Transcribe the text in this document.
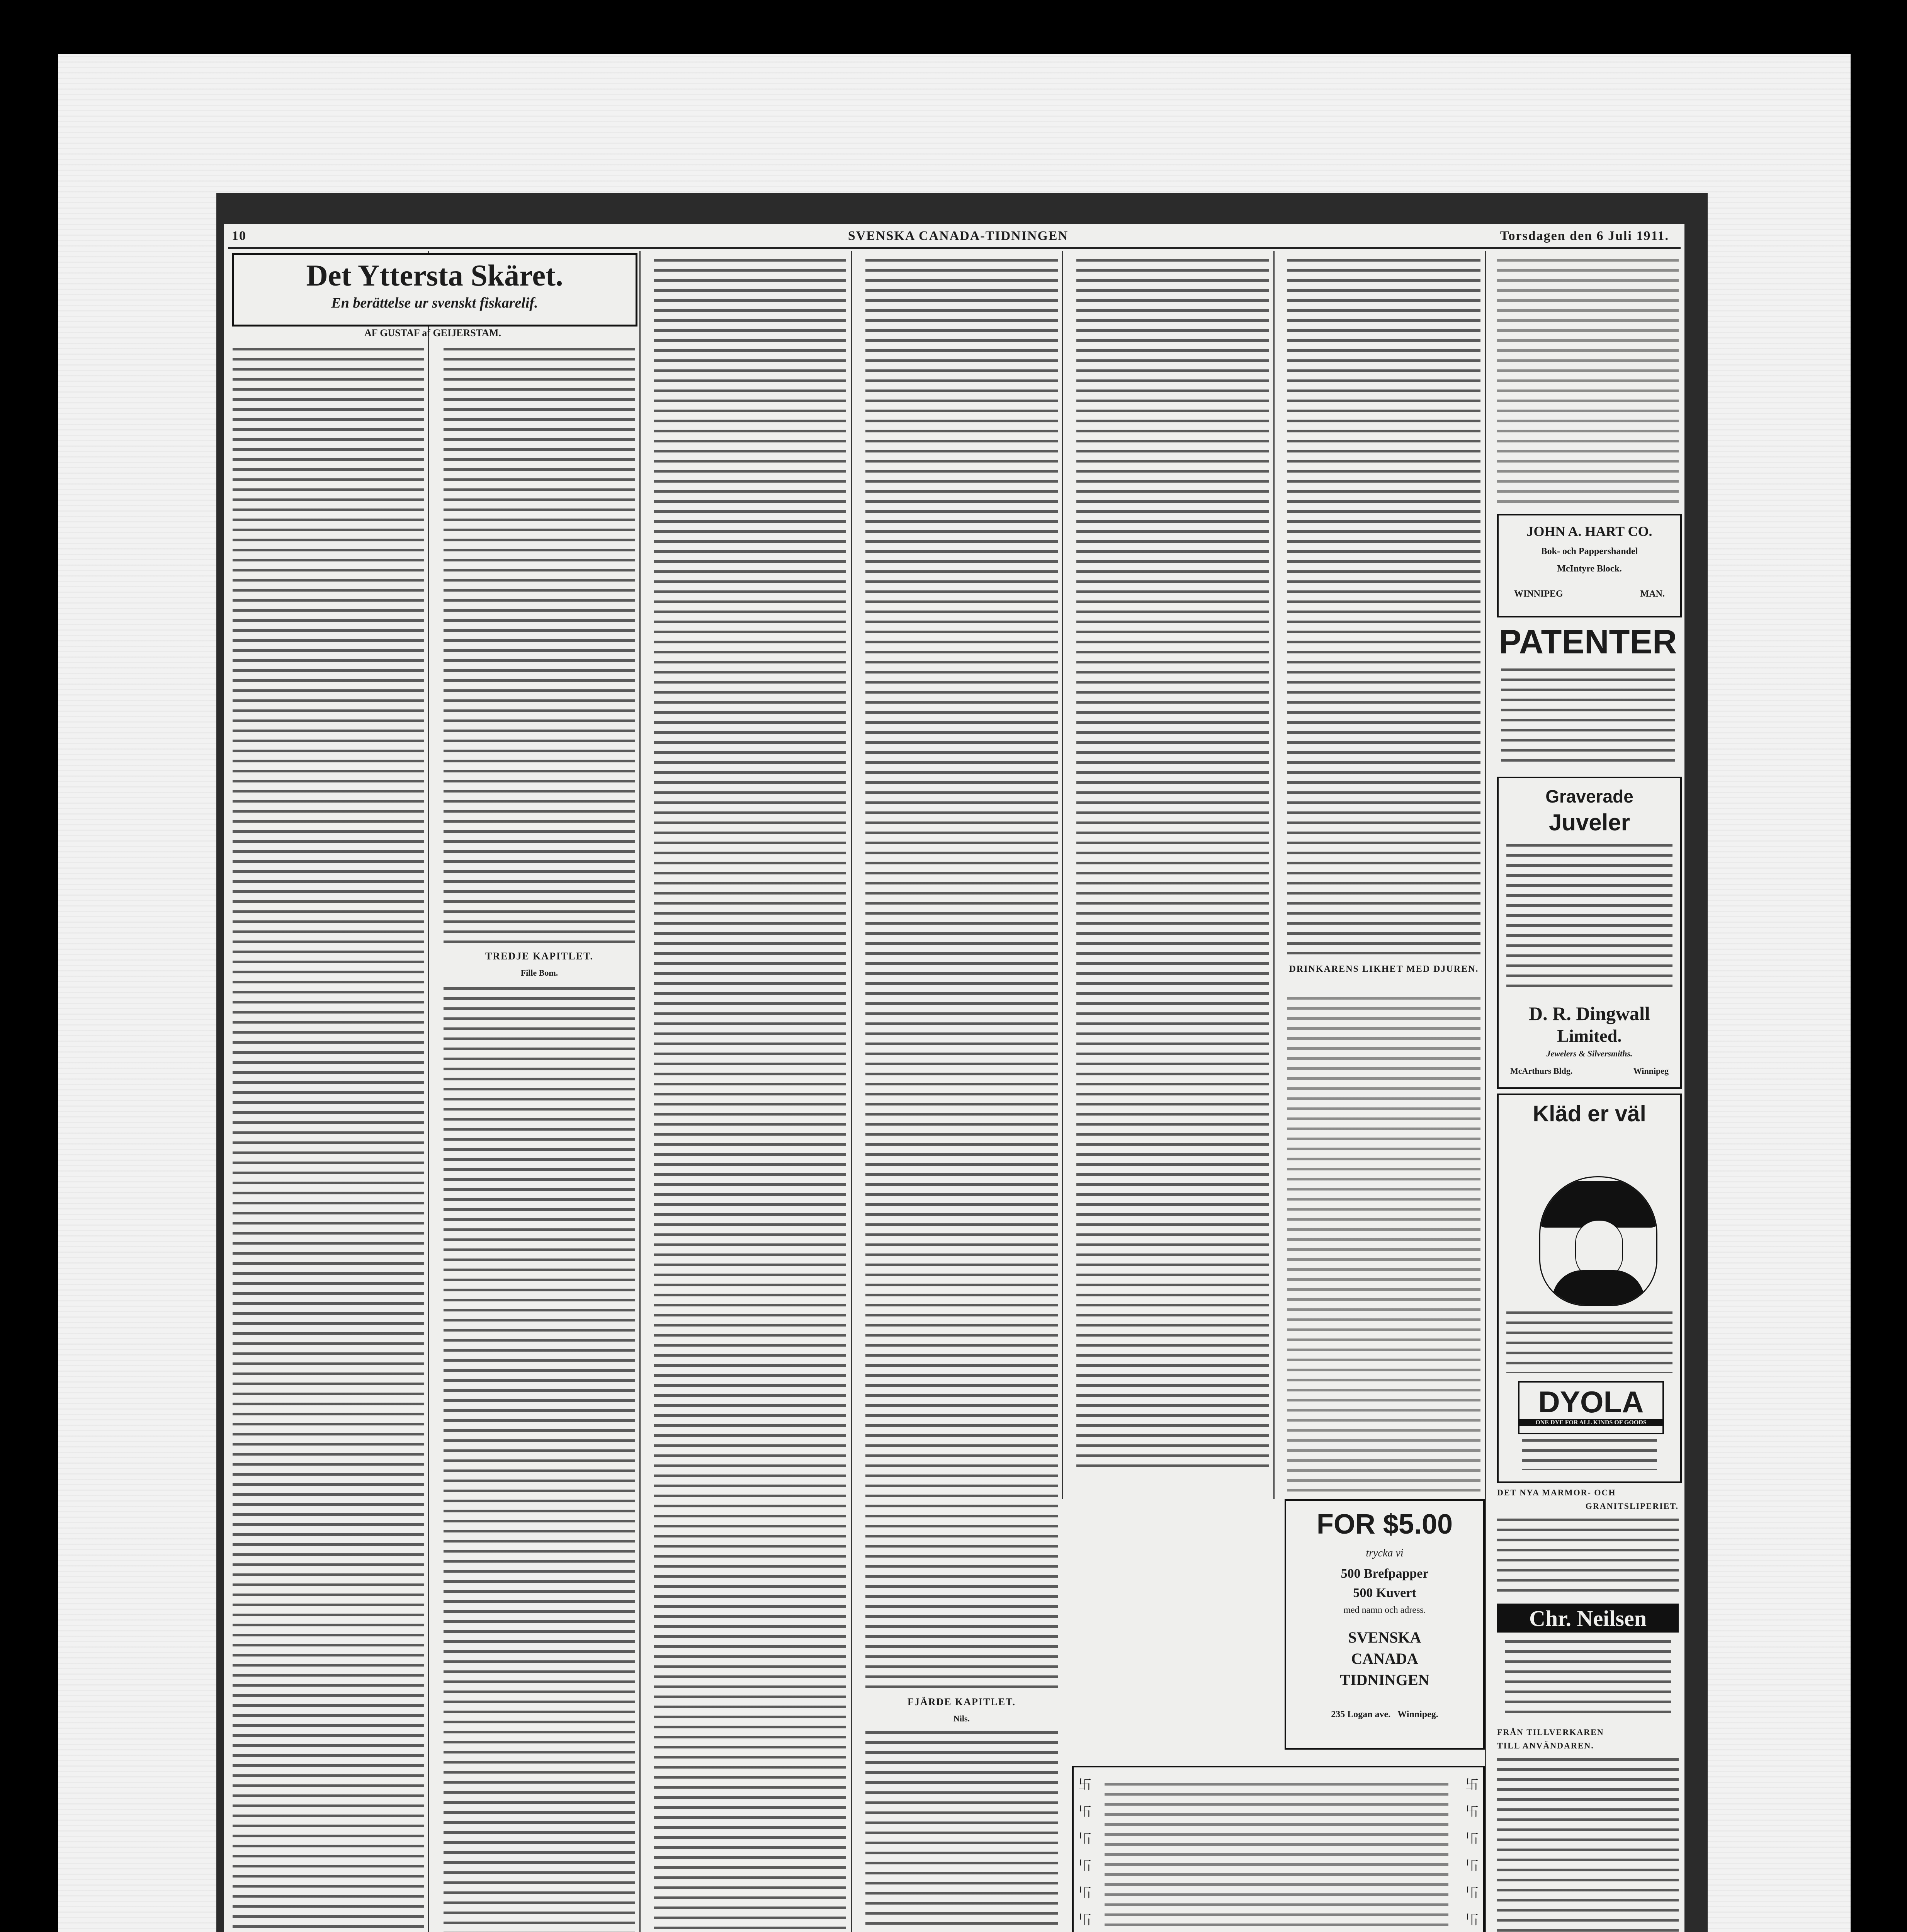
10	SVENSKA CANADA-TIDNINGEN	Torsdagen den 6 Juli 1911.
Det Yttersta Skäret.
En berättelse ur svenskt fiskarelif.
AF GUSTAF af GEIJERSTAM.
TREDJE KAPITLET.
Fille Bom.
FJÄRDE KAPITLET.
Nils.
DRINKARENS LIKHET MED DJUREN.
FOR $5.00
trycka vi
500 Brefpapper
500 Kuvert
med namn och adress.
SVENSKA
CANADA
TIDNINGEN
235 Logan ave. Winnipeg.
卐
卐
卐
卐
卐
卐

卐
卐
卐
卐
卐
卐

JOHN A. HART CO.
Bok- och Pappershandel
McIntyre Block.
WINNIPEG	MAN.
PATENTER
Graverade
Juveler
D. R. Dingwall
Limited.
Jewelers & Silversmiths.
McArthurs Bldg.	Winnipeg
Kläd er väl
DYOLA
ONE DYE FOR ALL KINDS OF GOODS
DET NYA MARMOR- OCH
GRANITSLIPERIET.
Chr. Neilsen
FRÅN TILLVERKAREN
TILL ANVÄNDAREN.
